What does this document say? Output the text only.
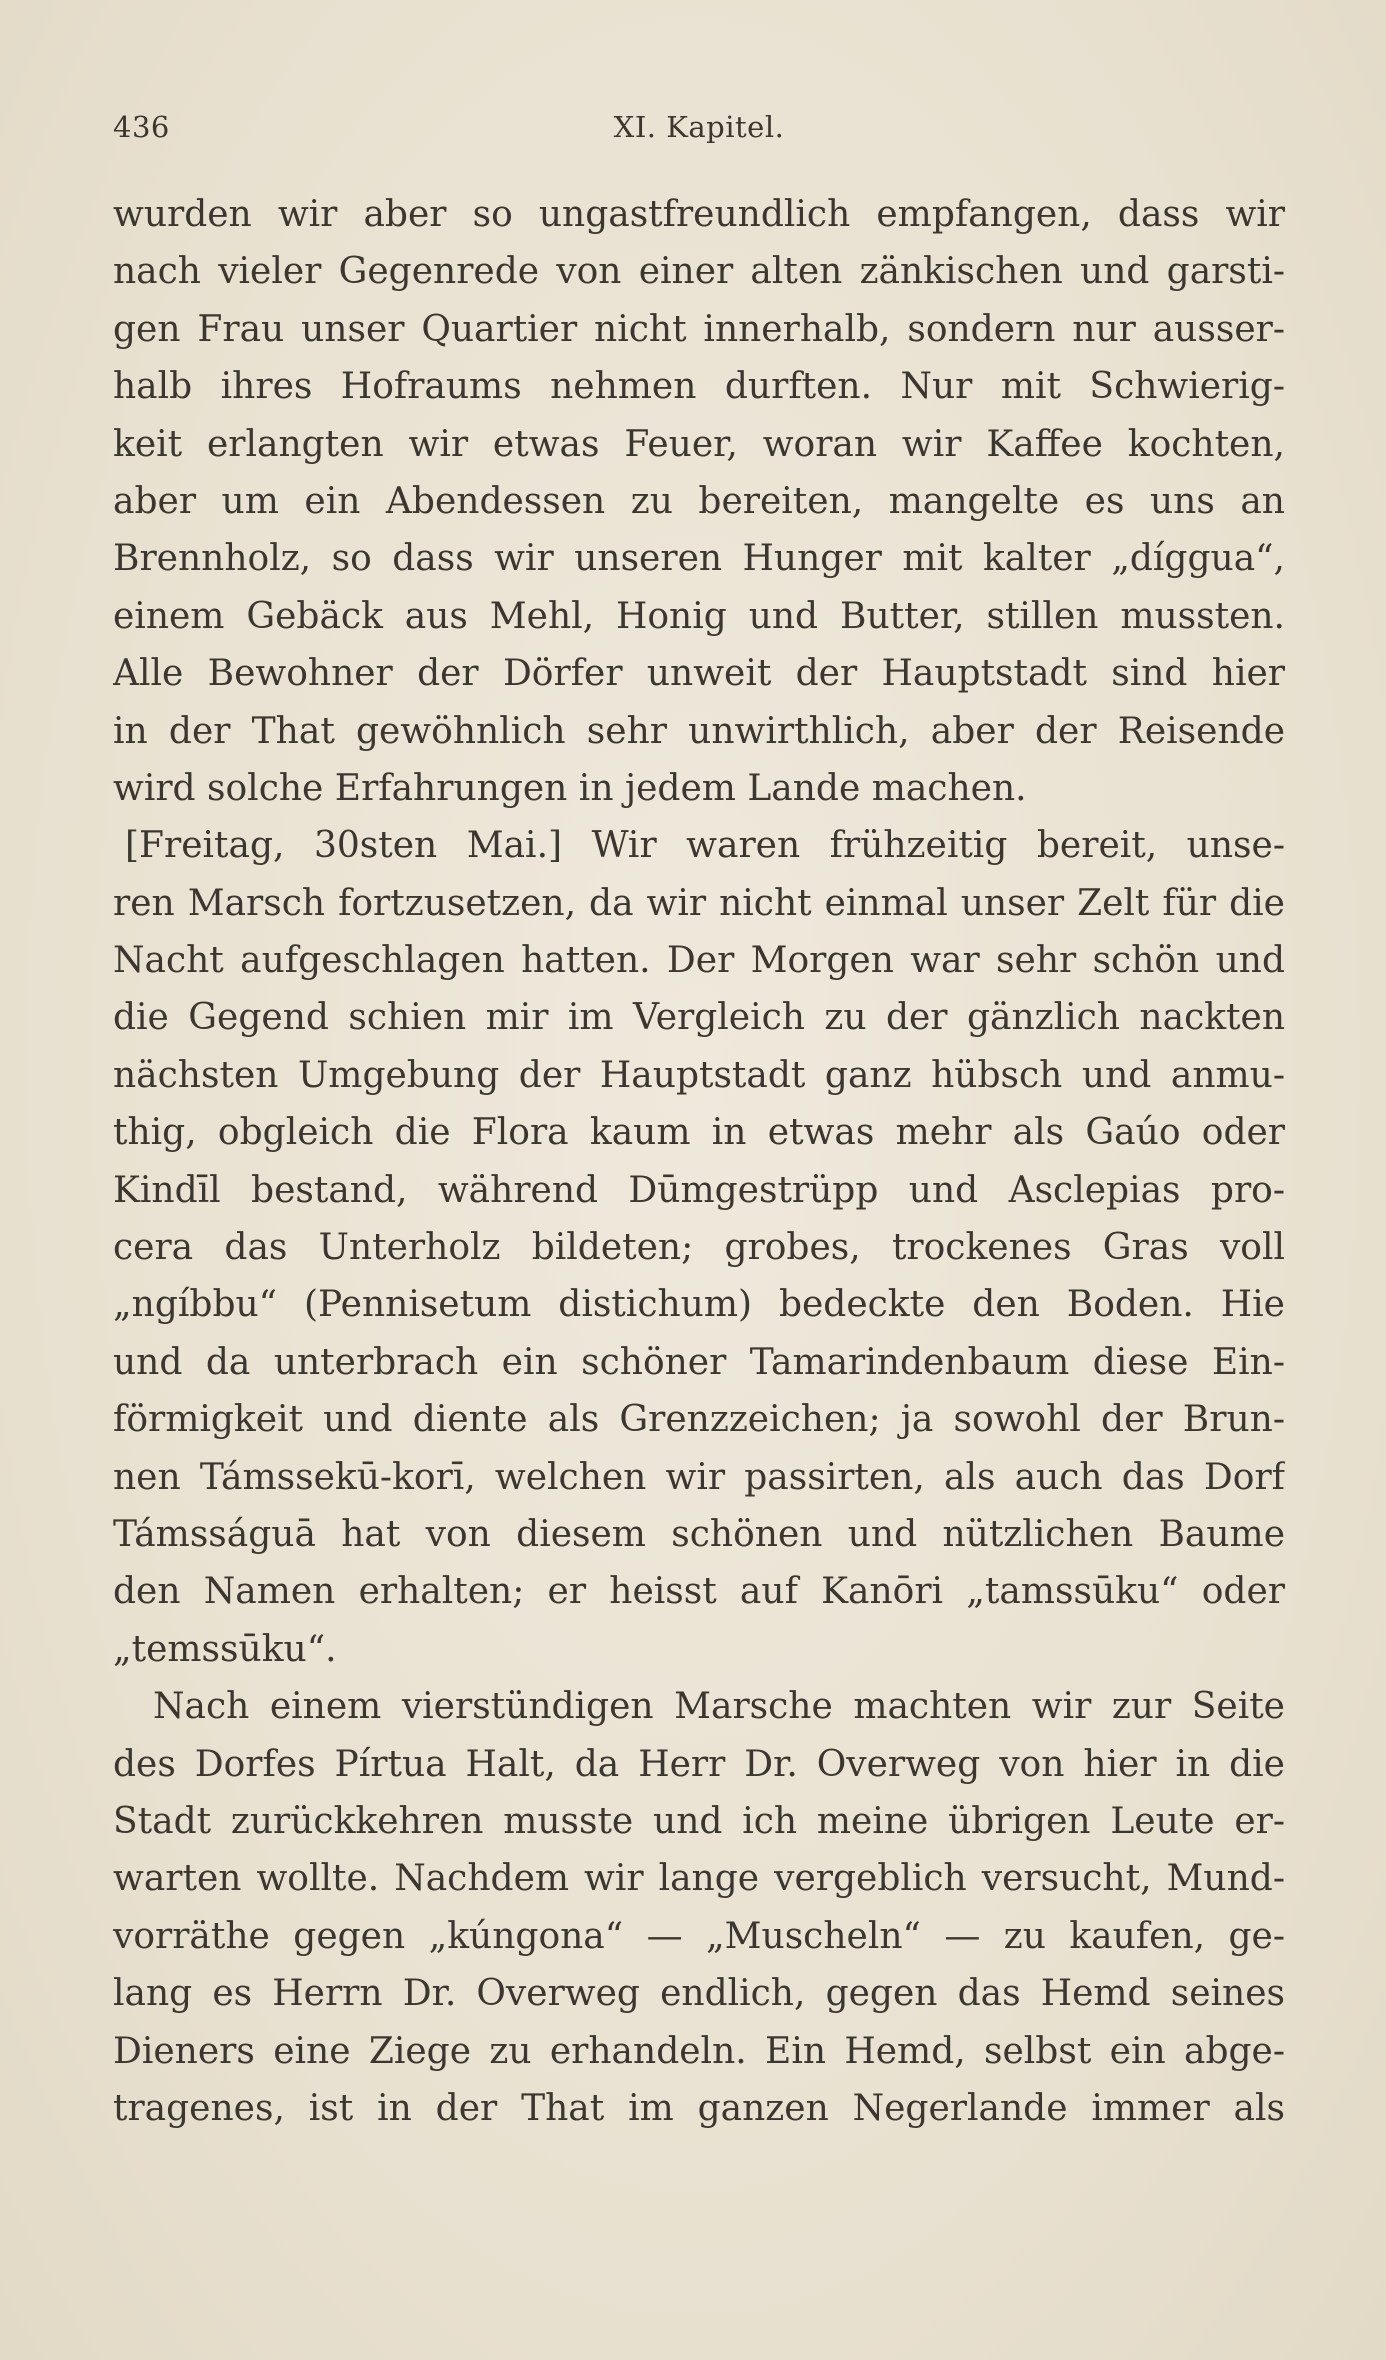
436	XI. Kapitel.
wurden wir aber so ungastfreundlich empfangen, dass wir
nach vieler Gegenrede von einer alten zänkischen und garsti-
gen Frau unser Quartier nicht innerhalb, sondern nur ausser-
halb ihres Hofraums nehmen durften. Nur mit Schwierig-
keit erlangten wir etwas Feuer, woran wir Kaffee kochten,
aber um ein Abendessen zu bereiten, mangelte es uns an
Brennholz, so dass wir unseren Hunger mit kalter „díggua“,
einem Gebäck aus Mehl, Honig und Butter, stillen mussten.
Alle Bewohner der Dörfer unweit der Hauptstadt sind hier
in der That gewöhnlich sehr unwirthlich, aber der Reisende
wird solche Erfahrungen in jedem Lande machen.
[Freitag, 30sten Mai.] Wir waren frühzeitig bereit, unse-
ren Marsch fortzusetzen, da wir nicht einmal unser Zelt für die
Nacht aufgeschlagen hatten. Der Morgen war sehr schön und
die Gegend schien mir im Vergleich zu der gänzlich nackten
nächsten Umgebung der Hauptstadt ganz hübsch und anmu-
thig, obgleich die Flora kaum in etwas mehr als Gaúo oder
Kindīl bestand, während Dūmgestrüpp und Asclepias pro-
cera das Unterholz bildeten; grobes, trockenes Gras voll
„ngíbbu“ (Pennisetum distichum) bedeckte den Boden. Hie
und da unterbrach ein schöner Tamarindenbaum diese Ein-
förmigkeit und diente als Grenzzeichen; ja sowohl der Brun-
nen Támssekū-korī, welchen wir passirten, als auch das Dorf
Támsságuā hat von diesem schönen und nützlichen Baume
den Namen erhalten; er heisst auf Kanōri „tamssūku“ oder
„temssūku“.
Nach einem vierstündigen Marsche machten wir zur Seite
des Dorfes Pírtua Halt, da Herr Dr. Overweg von hier in die
Stadt zurückkehren musste und ich meine übrigen Leute er-
warten wollte. Nachdem wir lange vergeblich versucht, Mund-
vorräthe gegen „kúngona“ — „Muscheln“ — zu kaufen, ge-
lang es Herrn Dr. Overweg endlich, gegen das Hemd seines
Dieners eine Ziege zu erhandeln. Ein Hemd, selbst ein abge-
tragenes, ist in der That im ganzen Negerlande immer als
